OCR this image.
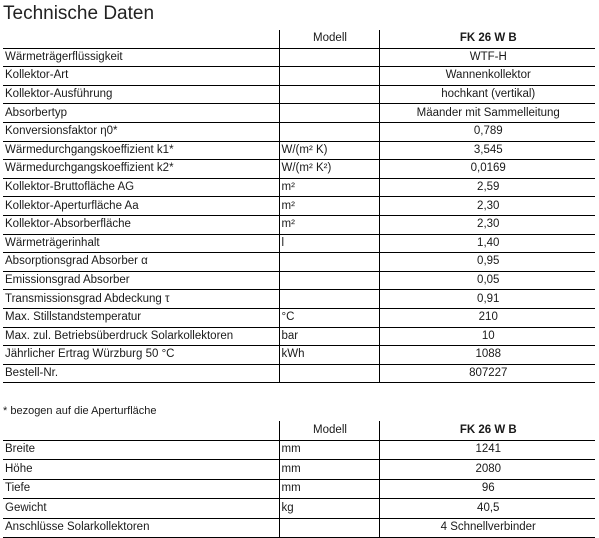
Technische Daten
	Modell	FK 26 W B
Wärmeträgerflüssigkeit		WTF-H
Kollektor-Art		Wannenkollektor
Kollektor-Ausführung		hochkant (vertikal)
Absorbertyp		Mäander mit Sammelleitung
Konversionsfaktor η0*		0,789
Wärmedurchgangskoeffizient k1*	W/(m² K)	3,545
Wärmedurchgangskoeffizient k2*	W/(m² K²)	0,0169
Kollektor-Bruttofläche AG	m²	2,59
Kollektor-Aperturfläche Aa	m²	2,30
Kollektor-Absorberfläche	m²	2,30
Wärmeträgerinhalt	l	1,40
Absorptionsgrad Absorber α		0,95
Emissionsgrad Absorber		0,05
Transmissionsgrad Abdeckung τ		0,91
Max. Stillstandstemperatur	°C	210
Max. zul. Betriebsüberdruck Solarkollektoren	bar	10
Jährlicher Ertrag Würzburg 50 °C	kWh	1088
Bestell-Nr.		807227
* bezogen auf die Aperturfläche
	Modell	FK 26 W B
Breite	mm	1241
Höhe	mm	2080
Tiefe	mm	96
Gewicht	kg	40,5
Anschlüsse Solarkollektoren		4 Schnellverbinder
